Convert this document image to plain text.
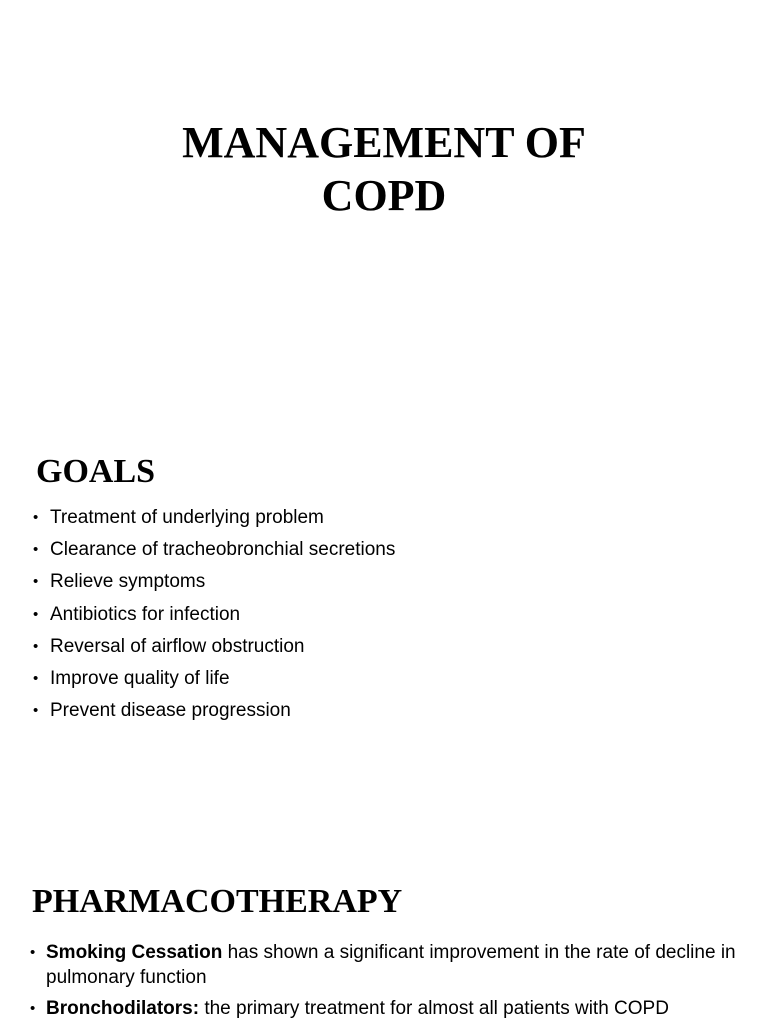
MANAGEMENT OF
COPD
GOALS
• Treatment of underlying problem
• Clearance of tracheobronchial secretions
• Relieve symptoms
• Antibiotics for infection
• Reversal of airflow obstruction
• Improve quality of life
• Prevent disease progression
PHARMACOTHERAPY
• Smoking Cessation has shown a significant improvement in the rate of decline in pulmonary function
• Bronchodilators: the primary treatment for almost all patients with COPD
